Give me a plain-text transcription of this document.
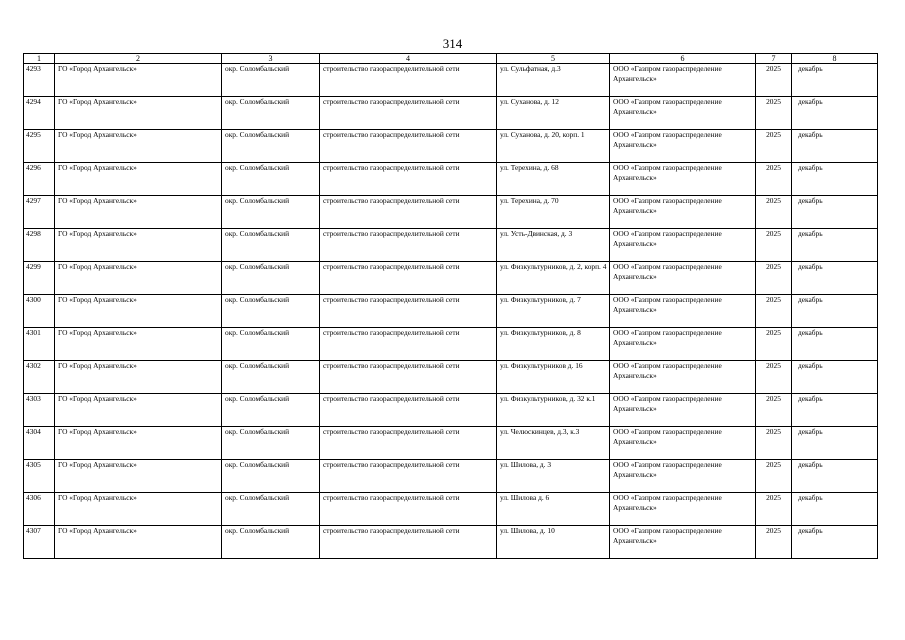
314
1	2	3	4	5	6	7	8
4293	ГО «Город Архангельск»	окр. Соломбальский	строительство газораспределительной сети	ул. Сульфатная, д.3	ООО «Газпром газораспределение Архангельск»	2025	декабрь
4294	ГО «Город Архангельск»	окр. Соломбальский	строительство газораспределительной сети	ул. Суханова, д. 12	ООО «Газпром газораспределение Архангельск»	2025	декабрь
4295	ГО «Город Архангельск»	окр. Соломбальский	строительство газораспределительной сети	ул. Суханова, д. 20, корп. 1	ООО «Газпром газораспределение Архангельск»	2025	декабрь
4296	ГО «Город Архангельск»	окр. Соломбальский	строительство газораспределительной сети	ул. Терехина, д. 68	ООО «Газпром газораспределение Архангельск»	2025	декабрь
4297	ГО «Город Архангельск»	окр. Соломбальский	строительство газораспределительной сети	ул. Терехина, д. 70	ООО «Газпром газораспределение Архангельск»	2025	декабрь
4298	ГО «Город Архангельск»	окр. Соломбальский	строительство газораспределительной сети	ул. Усть-Двинская, д. 3	ООО «Газпром газораспределение Архангельск»	2025	декабрь
4299	ГО «Город Архангельск»	окр. Соломбальский	строительство газораспределительной сети	ул. Физкультурников, д. 2, корп. 4	ООО «Газпром газораспределение Архангельск»	2025	декабрь
4300	ГО «Город Архангельск»	окр. Соломбальский	строительство газораспределительной сети	ул. Физкультурников, д. 7	ООО «Газпром газораспределение Архангельск»	2025	декабрь
4301	ГО «Город Архангельск»	окр. Соломбальский	строительство газораспределительной сети	ул. Физкультурников, д. 8	ООО «Газпром газораспределение Архангельск»	2025	декабрь
4302	ГО «Город Архангельск»	окр. Соломбальский	строительство газораспределительной сети	ул. Физкультурников д. 16	ООО «Газпром газораспределение Архангельск»	2025	декабрь
4303	ГО «Город Архангельск»	окр. Соломбальский	строительство газораспределительной сети	ул. Физкультурников, д. 32 к.1	ООО «Газпром газораспределение Архангельск»	2025	декабрь
4304	ГО «Город Архангельск»	окр. Соломбальский	строительство газораспределительной сети	ул. Челюскинцев, д.3, к.3	ООО «Газпром газораспределение Архангельск»	2025	декабрь
4305	ГО «Город Архангельск»	окр. Соломбальский	строительство газораспределительной сети	ул. Шилова, д. 3	ООО «Газпром газораспределение Архангельск»	2025	декабрь
4306	ГО «Город Архангельск»	окр. Соломбальский	строительство газораспределительной сети	ул. Шилова д. 6	ООО «Газпром газораспределение Архангельск»	2025	декабрь
4307	ГО «Город Архангельск»	окр. Соломбальский	строительство газораспределительной сети	ул. Шилова, д. 10	ООО «Газпром газораспределение Архангельск»	2025	декабрь
